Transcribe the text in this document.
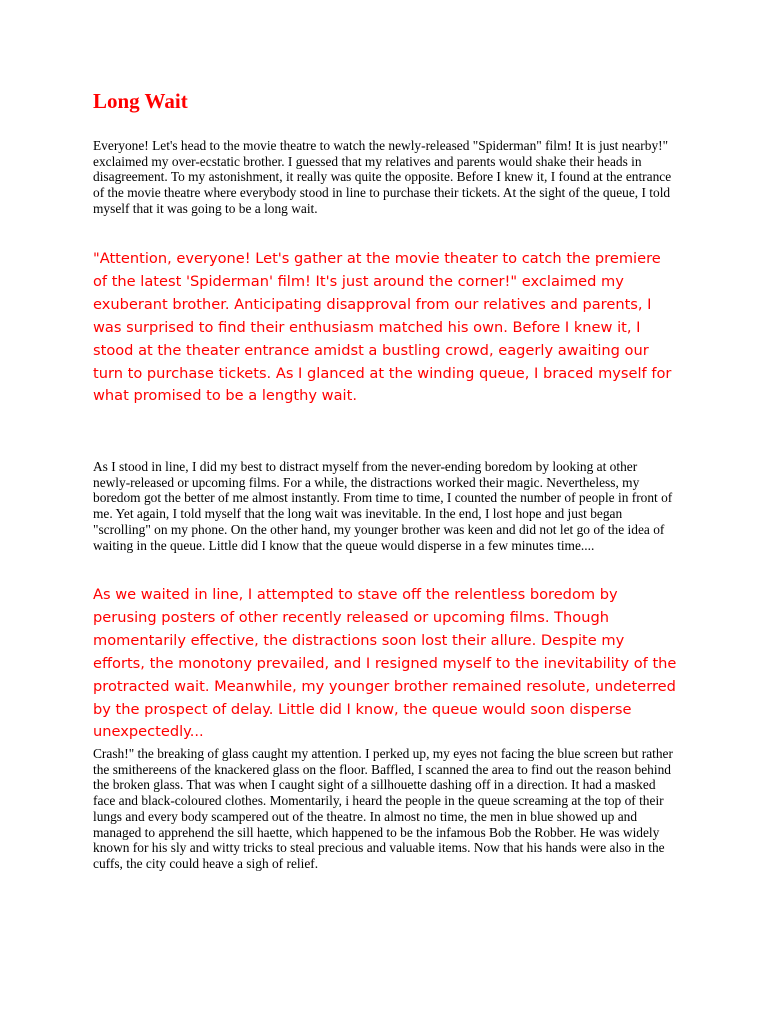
Long Wait

Everyone! Let's head to the movie theatre to watch the newly-released "Spiderman" film! It is just nearby!" exclaimed my over-ecstatic brother. I guessed that my relatives and parents would shake their heads in disagreement. To my astonishment, it really was quite the opposite. Before I knew it, I found at the entrance of the movie theatre where everybody stood in line to purchase their tickets. At the sight of the queue, I told myself that it was going to be a long wait.

"Attention, everyone! Let's gather at the movie theater to catch the premiere of the latest 'Spiderman' film! It's just around the corner!" exclaimed my exuberant brother. Anticipating disapproval from our relatives and parents, I was surprised to find their enthusiasm matched his own. Before I knew it, I stood at the theater entrance amidst a bustling crowd, eagerly awaiting our turn to purchase tickets. As I glanced at the winding queue, I braced myself for what promised to be a lengthy wait.

As I stood in line, I did my best to distract myself from the never-ending boredom by looking at other newly-released or upcoming films. For a while, the distractions worked their magic. Nevertheless, my boredom got the better of me almost instantly. From time to time, I counted the number of people in front of me. Yet again, I told myself that the long wait was inevitable. In the end, I lost hope and just began "scrolling" on my phone. On the other hand, my younger brother was keen and did not let go of the idea of waiting in the queue. Little did I know that the queue would disperse in a few minutes time....

As we waited in line, I attempted to stave off the relentless boredom by perusing posters of other recently released or upcoming films. Though momentarily effective, the distractions soon lost their allure. Despite my efforts, the monotony prevailed, and I resigned myself to the inevitability of the protracted wait. Meanwhile, my younger brother remained resolute, undeterred by the prospect of delay. Little did I know, the queue would soon disperse unexpectedly...

Crash!" the breaking of glass caught my attention. I perked up, my eyes not facing the blue screen but rather the smithereens of the knackered glass on the floor. Baffled, I scanned the area to find out the reason behind the broken glass. That was when I caught sight of a sillhouette dashing off in a direction. It had a masked face and black-coloured clothes. Momentarily, i heard the people in the queue screaming at the top of their lungs and every body scampered out of the theatre. In almost no time, the men in blue showed up and managed to apprehend the sill haette, which happened to be the infamous Bob the Robber. He was widely known for his sly and witty tricks to steal precious and valuable items. Now that his hands were also in the cuffs, the city could heave a sigh of relief.
